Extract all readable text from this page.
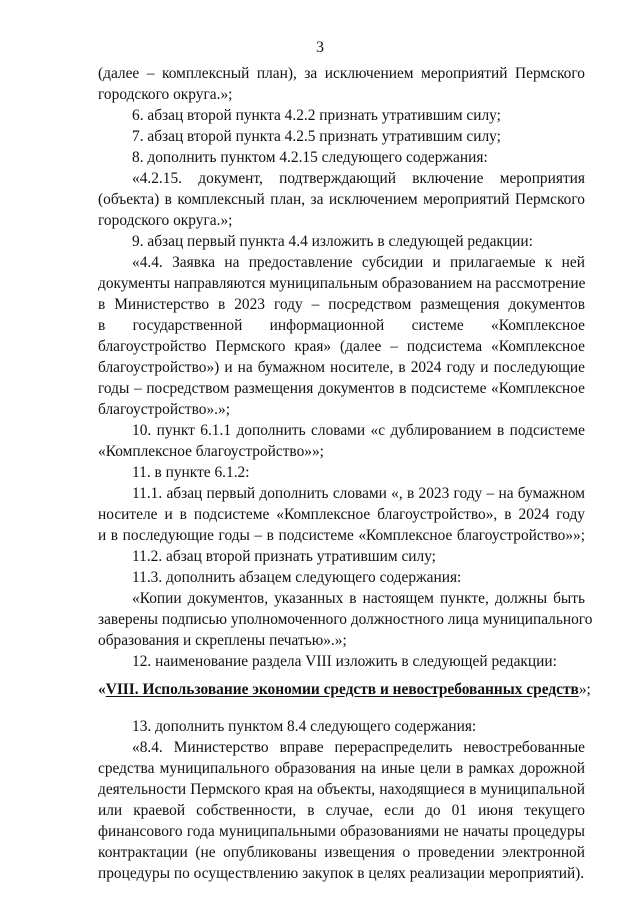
3
(далее – комплексный план), за исключением мероприятий Пермского
городского округа.»;
6. абзац второй пункта 4.2.2 признать утратившим силу;
7. абзац второй пункта 4.2.5 признать утратившим силу;
8. дополнить пунктом 4.2.15 следующего содержания:
«4.2.15. документ, подтверждающий включение мероприятия
(объекта) в комплексный план, за исключением мероприятий Пермского
городского округа.»;
9. абзац первый пункта 4.4 изложить в следующей редакции:
«4.4. Заявка на предоставление субсидии и прилагаемые к ней
документы направляются муниципальным образованием на рассмотрение
в Министерство в 2023 году – посредством размещения документов
в государственной информационной системе «Комплексное
благоустройство Пермского края» (далее – подсистема «Комплексное
благоустройство») и на бумажном носителе, в 2024 году и последующие
годы – посредством размещения документов в подсистеме «Комплексное
благоустройство».»;
10. пункт 6.1.1 дополнить словами «с дублированием в подсистеме
«Комплексное благоустройство»»;
11. в пункте 6.1.2:
11.1. абзац первый дополнить словами «, в 2023 году – на бумажном
носителе и в подсистеме «Комплексное благоустройство», в 2024 году
и в последующие годы – в подсистеме «Комплексное благоустройство»»;
11.2. абзац второй признать утратившим силу;
11.3. дополнить абзацем следующего содержания:
«Копии документов, указанных в настоящем пункте, должны быть
заверены подписью уполномоченного должностного лица муниципального
образования и скреплены печатью».»;
12. наименование раздела VIII изложить в следующей редакции:
«VIII. Использование экономии средств и невостребованных средств»;
13. дополнить пунктом 8.4 следующего содержания:
«8.4. Министерство вправе перераспределить невостребованные
средства муниципального образования на иные цели в рамках дорожной
деятельности Пермского края на объекты, находящиеся в муниципальной
или краевой собственности, в случае, если до 01 июня текущего
финансового года муниципальными образованиями не начаты процедуры
контрактации (не опубликованы извещения о проведении электронной
процедуры по осуществлению закупок в целях реализации мероприятий).
